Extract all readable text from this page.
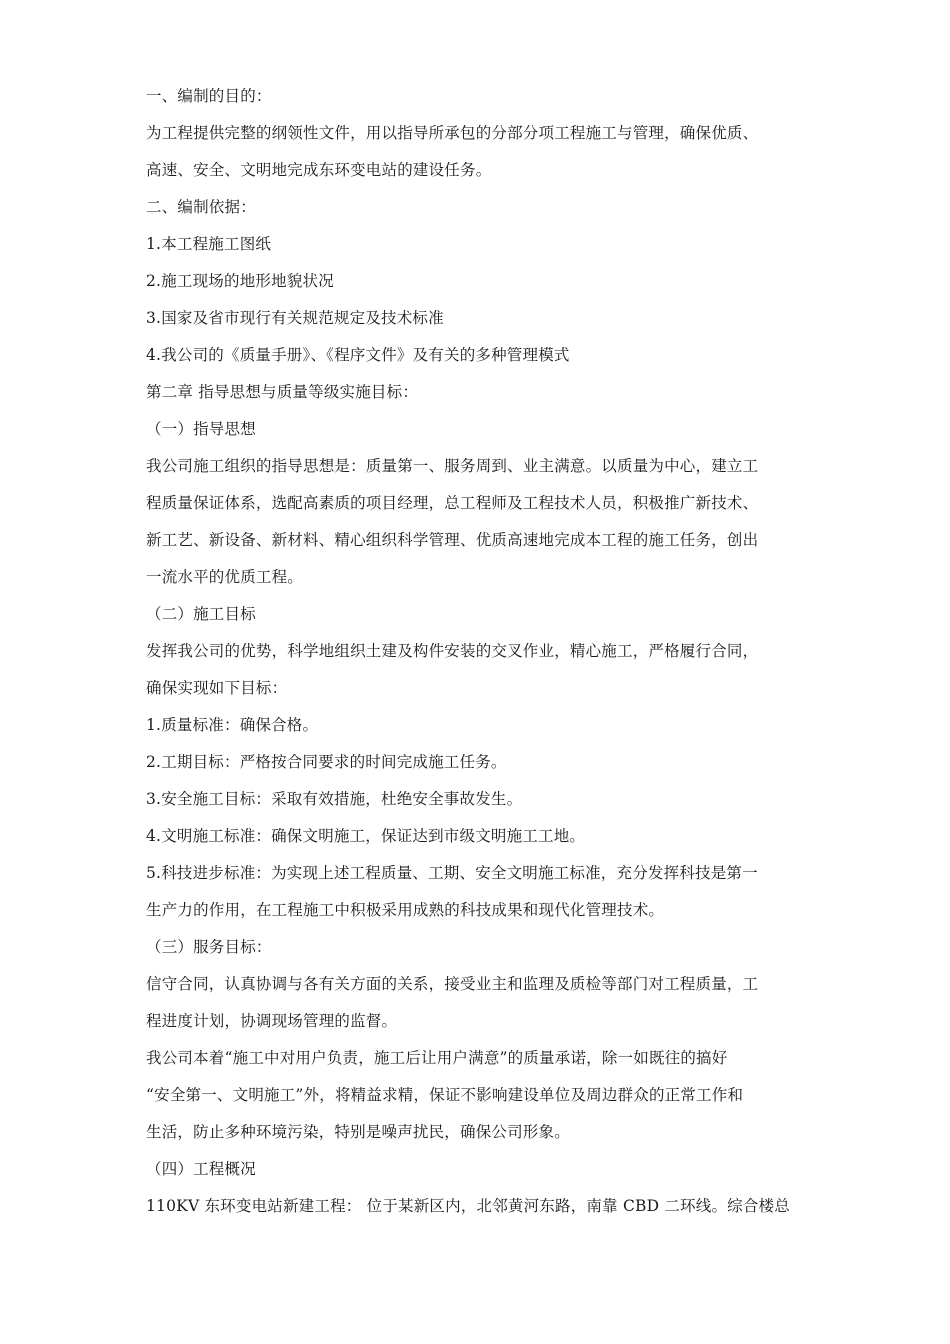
一、编制的目的：
为工程提供完整的纲领性文件，用以指导所承包的分部分项工程施工与管理，确保优质、
高速、安全、文明地完成东环变电站的建设任务。
二、编制依据：
1.本工程施工图纸
2.施工现场的地形地貌状况
3.国家及省市现行有关规范规定及技术标准
4.我公司的《质量手册》、《程序文件》及有关的多种管理模式
第二章 指导思想与质量等级实施目标：
（一）指导思想
我公司施工组织的指导思想是：质量第一、服务周到、业主满意。以质量为中心，建立工
程质量保证体系，选配高素质的项目经理，总工程师及工程技术人员，积极推广新技术、
新工艺、新设备、新材料、精心组织科学管理、优质高速地完成本工程的施工任务，创出
一流水平的优质工程。
（二）施工目标
发挥我公司的优势，科学地组织土建及构件安装的交叉作业，精心施工，严格履行合同，
确保实现如下目标：
1.质量标准：确保合格。
2.工期目标：严格按合同要求的时间完成施工任务。
3.安全施工目标：采取有效措施，杜绝安全事故发生。
4.文明施工标准：确保文明施工，保证达到市级文明施工工地。
5.科技进步标准：为实现上述工程质量、工期、安全文明施工标准，充分发挥科技是第一
生产力的作用，在工程施工中积极采用成熟的科技成果和现代化管理技术。
（三）服务目标：
信守合同，认真协调与各有关方面的关系，接受业主和监理及质检等部门对工程质量，工
程进度计划，协调现场管理的监督。
我公司本着“施工中对用户负责，施工后让用户满意”的质量承诺，除一如既往的搞好
“安全第一、文明施工”外，将精益求精，保证不影响建设单位及周边群众的正常工作和
生活，防止多种环境污染，特别是噪声扰民，确保公司形象。
（四）工程概况
110KV 东环变电站新建工程： 位于某新区内，北邻黄河东路，南靠 CBD 二环线。综合楼总
